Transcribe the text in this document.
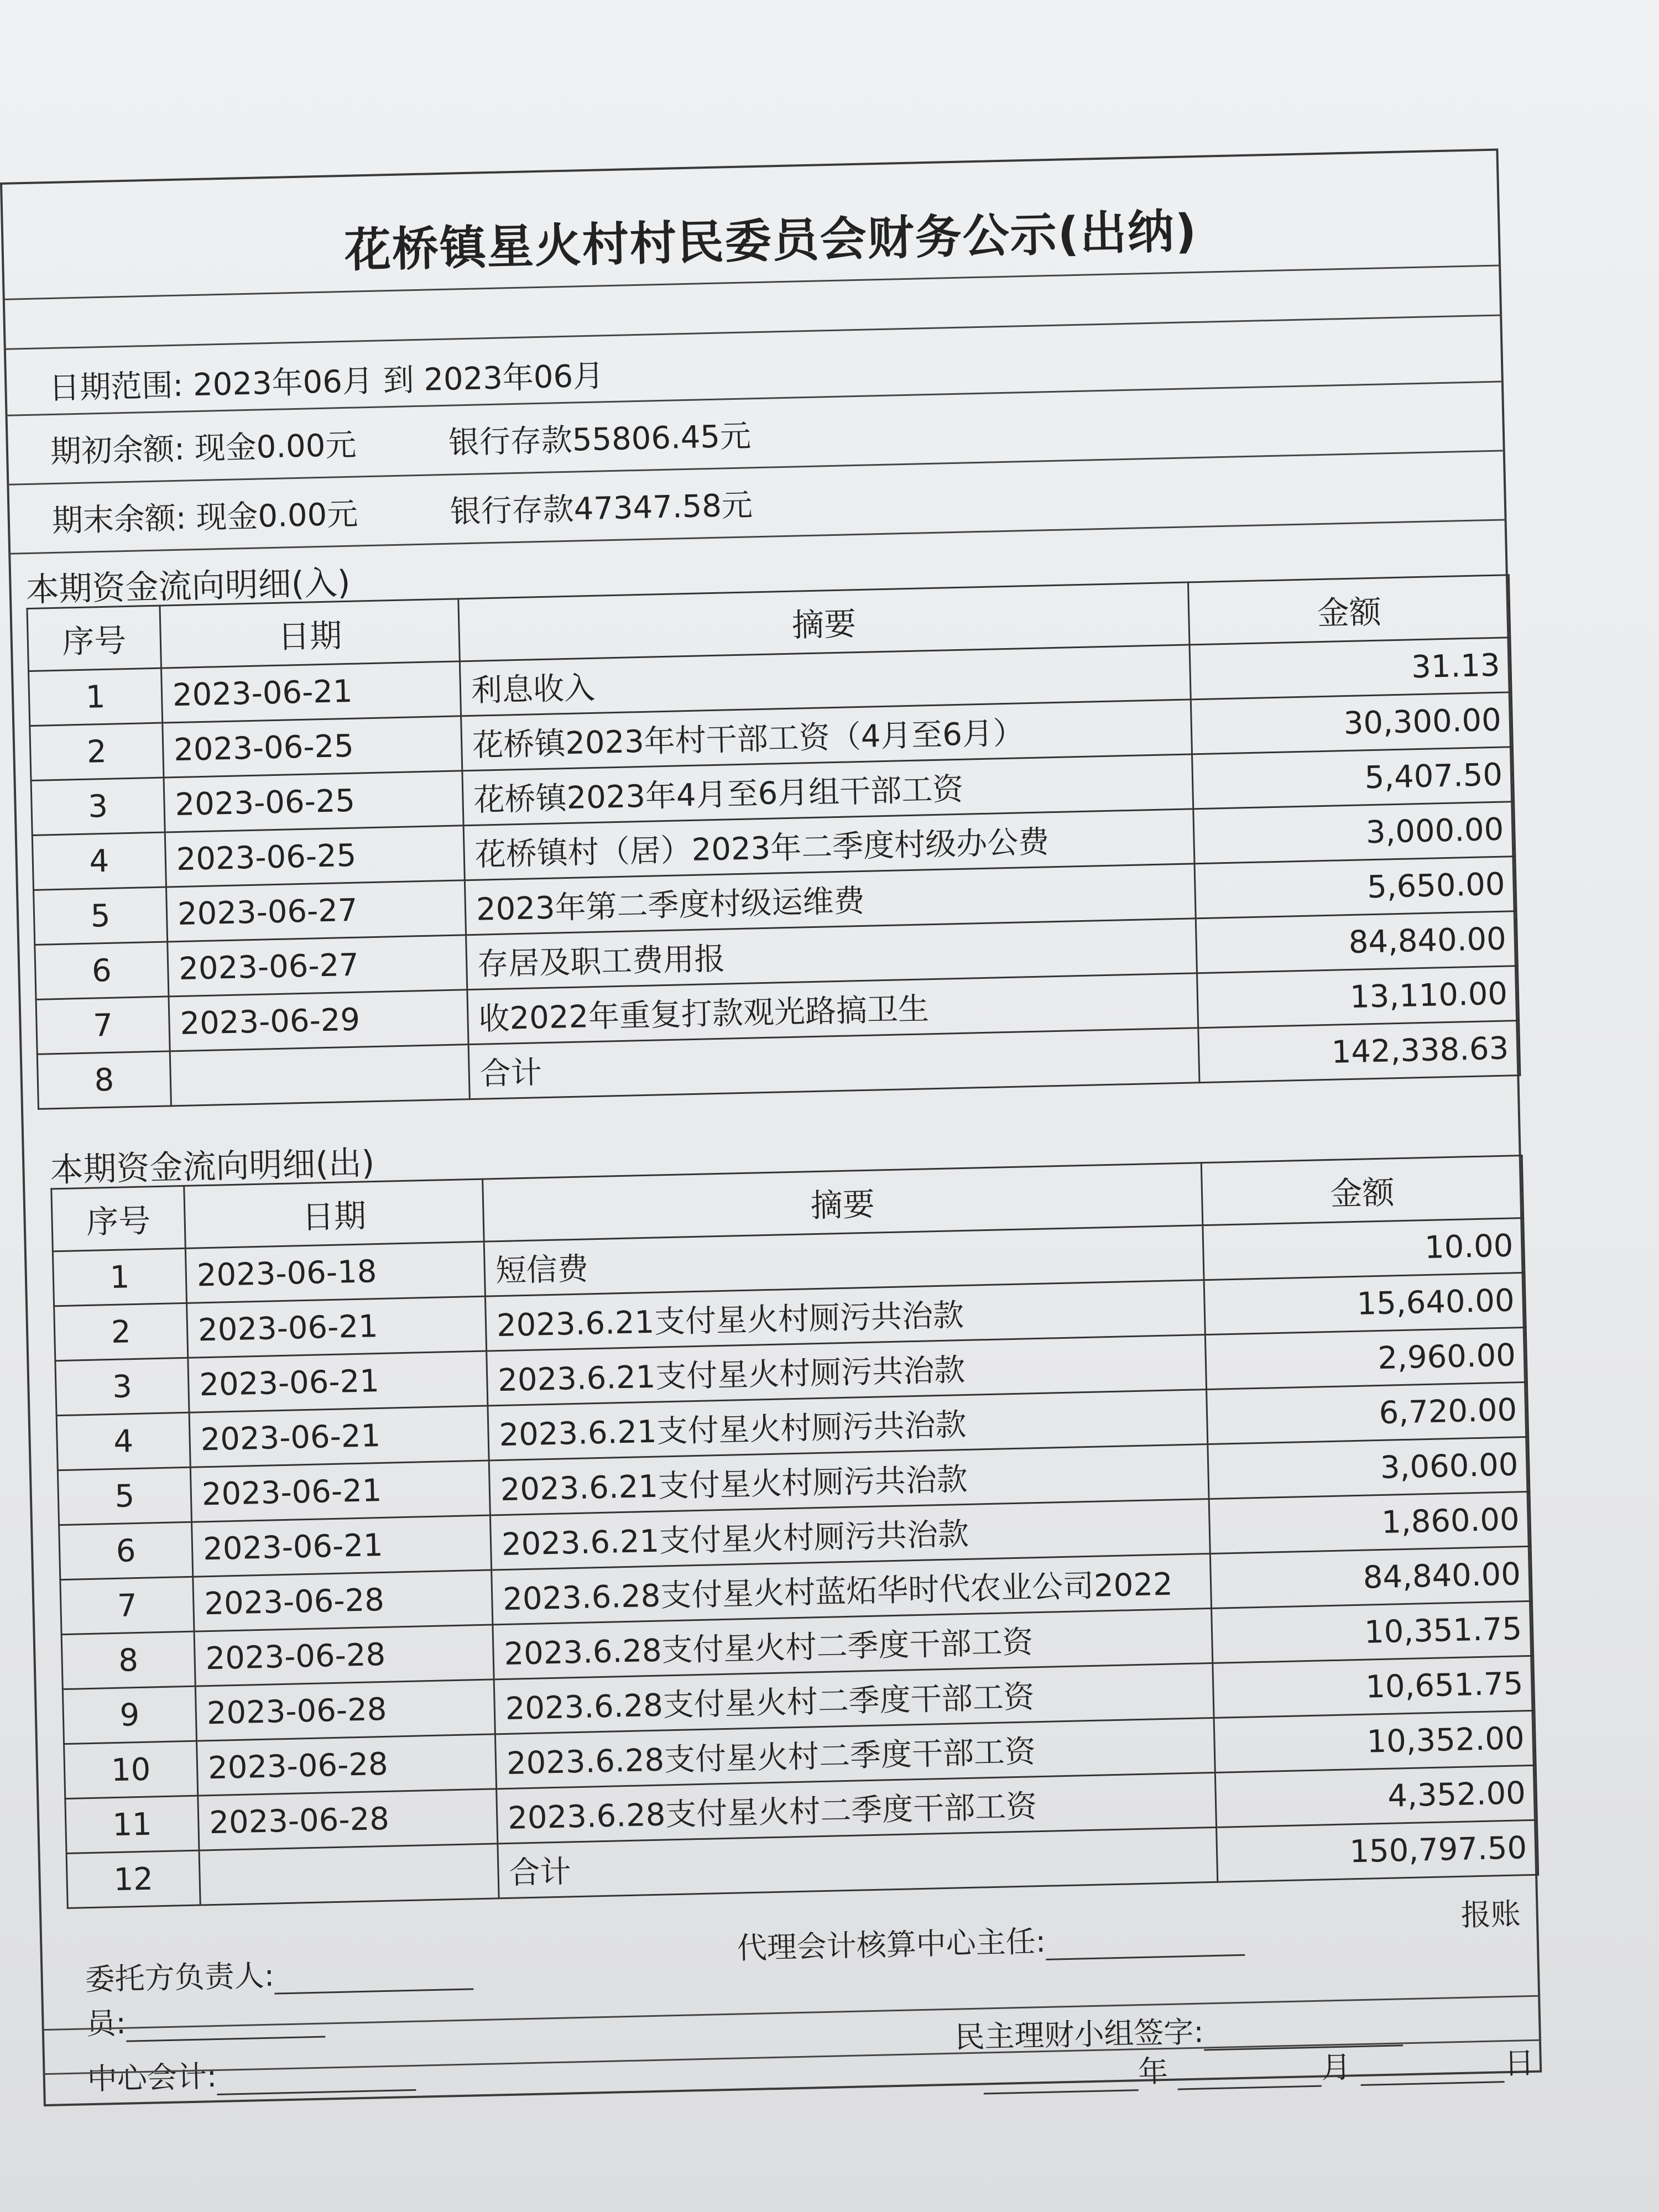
花桥镇星火村村民委员会财务公示(出纳)
日期范围: 2023年06月 到 2023年06月
期初余额: 现金0.00元	银行存款55806.45元
期末余额: 现金0.00元	银行存款47347.58元
本期资金流向明细(入)
序号	日期	摘要	金额
1	2023-06-21	利息收入	31.13
2	2023-06-25	花桥镇2023年村干部工资（4月至6月）	30,300.00
3	2023-06-25	花桥镇2023年4月至6月组干部工资	5,407.50
4	2023-06-25	花桥镇村（居）2023年二季度村级办公费	3,000.00
5	2023-06-27	2023年第二季度村级运维费	5,650.00
6	2023-06-27	存居及职工费用报	84,840.00
7	2023-06-29	收2022年重复打款观光路搞卫生	13,110.00
8		合计	142,338.63
本期资金流向明细(出)
序号	日期	摘要	金额
1	2023-06-18	短信费	10.00
2	2023-06-21	2023.6.21支付星火村厕污共治款	15,640.00
3	2023-06-21	2023.6.21支付星火村厕污共治款	2,960.00
4	2023-06-21	2023.6.21支付星火村厕污共治款	6,720.00
5	2023-06-21	2023.6.21支付星火村厕污共治款	3,060.00
6	2023-06-21	2023.6.21支付星火村厕污共治款	1,860.00
7	2023-06-28	2023.6.28支付星火村蓝炻华时代农业公司2022	84,840.00
8	2023-06-28	2023.6.28支付星火村二季度干部工资	10,351.75
9	2023-06-28	2023.6.28支付星火村二季度干部工资	10,651.75
10	2023-06-28	2023.6.28支付星火村二季度干部工资	10,352.00
11	2023-06-28	2023.6.28支付星火村二季度干部工资	4,352.00
12		合计	150,797.50
报账
代理会计核算中心主任:
委托方负责人:
员:	民主理财小组签字:
中心会计:	年	月	日
